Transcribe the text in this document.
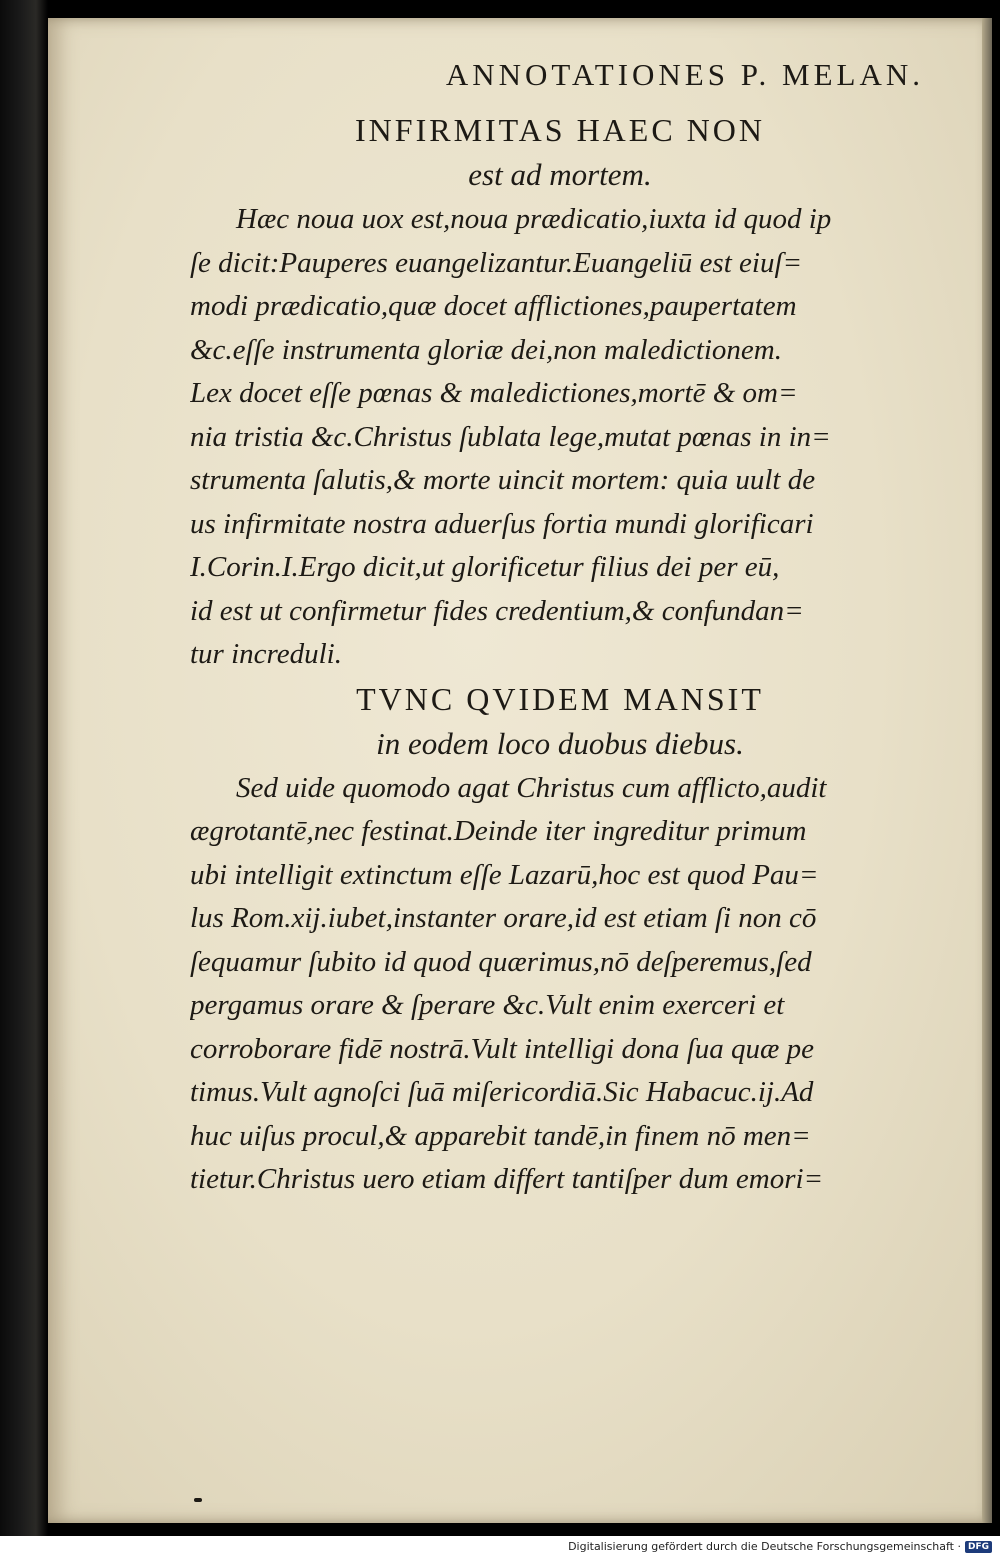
ANNOTATIONES P. MELAN.
INFIRMITAS HAEC NON
est ad mortem.
Hæc noua uox est,noua prædicatio,iuxta id quod ip
ſe dicit:Pauperes euangelizantur.Euangeliū est eiuſ=
modi prædicatio,quæ docet afflictiones,paupertatem
&c.eſſe instrumenta gloriæ dei,non maledictionem.
Lex docet eſſe pœnas & maledictiones,mortē & om=
nia tristia &c.Christus ſublata lege,mutat pœnas in in=
strumenta ſalutis,& morte uincit mortem: quia uult de
us infirmitate nostra aduerſus fortia mundi glorificari
I.Corin.I.Ergo dicit,ut glorificetur filius dei per eū,
id est ut confirmetur fides credentium,& confundan=
tur increduli.
TVNC QVIDEM MANSIT
in eodem loco duobus diebus.
Sed uide quomodo agat Christus cum afflicto,audit
ægrotantē,nec festinat.Deinde iter ingreditur primum
ubi intelligit extinctum eſſe Lazarū,hoc est quod Pau=
lus Rom.xij.iubet,instanter orare,id est etiam ſi non cō
ſequamur ſubito id quod quærimus,nō deſperemus,ſed
pergamus orare & ſperare &c.Vult enim exerceri et
corroborare fidē nostrā.Vult intelligi dona ſua quæ pe
timus.Vult agnoſci ſuā miſericordiā.Sic Habacuc.ij.Ad
huc uiſus procul,& apparebit tandē,in finem nō men=
tietur.Christus uero etiam differt tantiſper dum emori=
Digitalisierung gefördert durch die Deutsche Forschungsgemeinschaft · DFG
